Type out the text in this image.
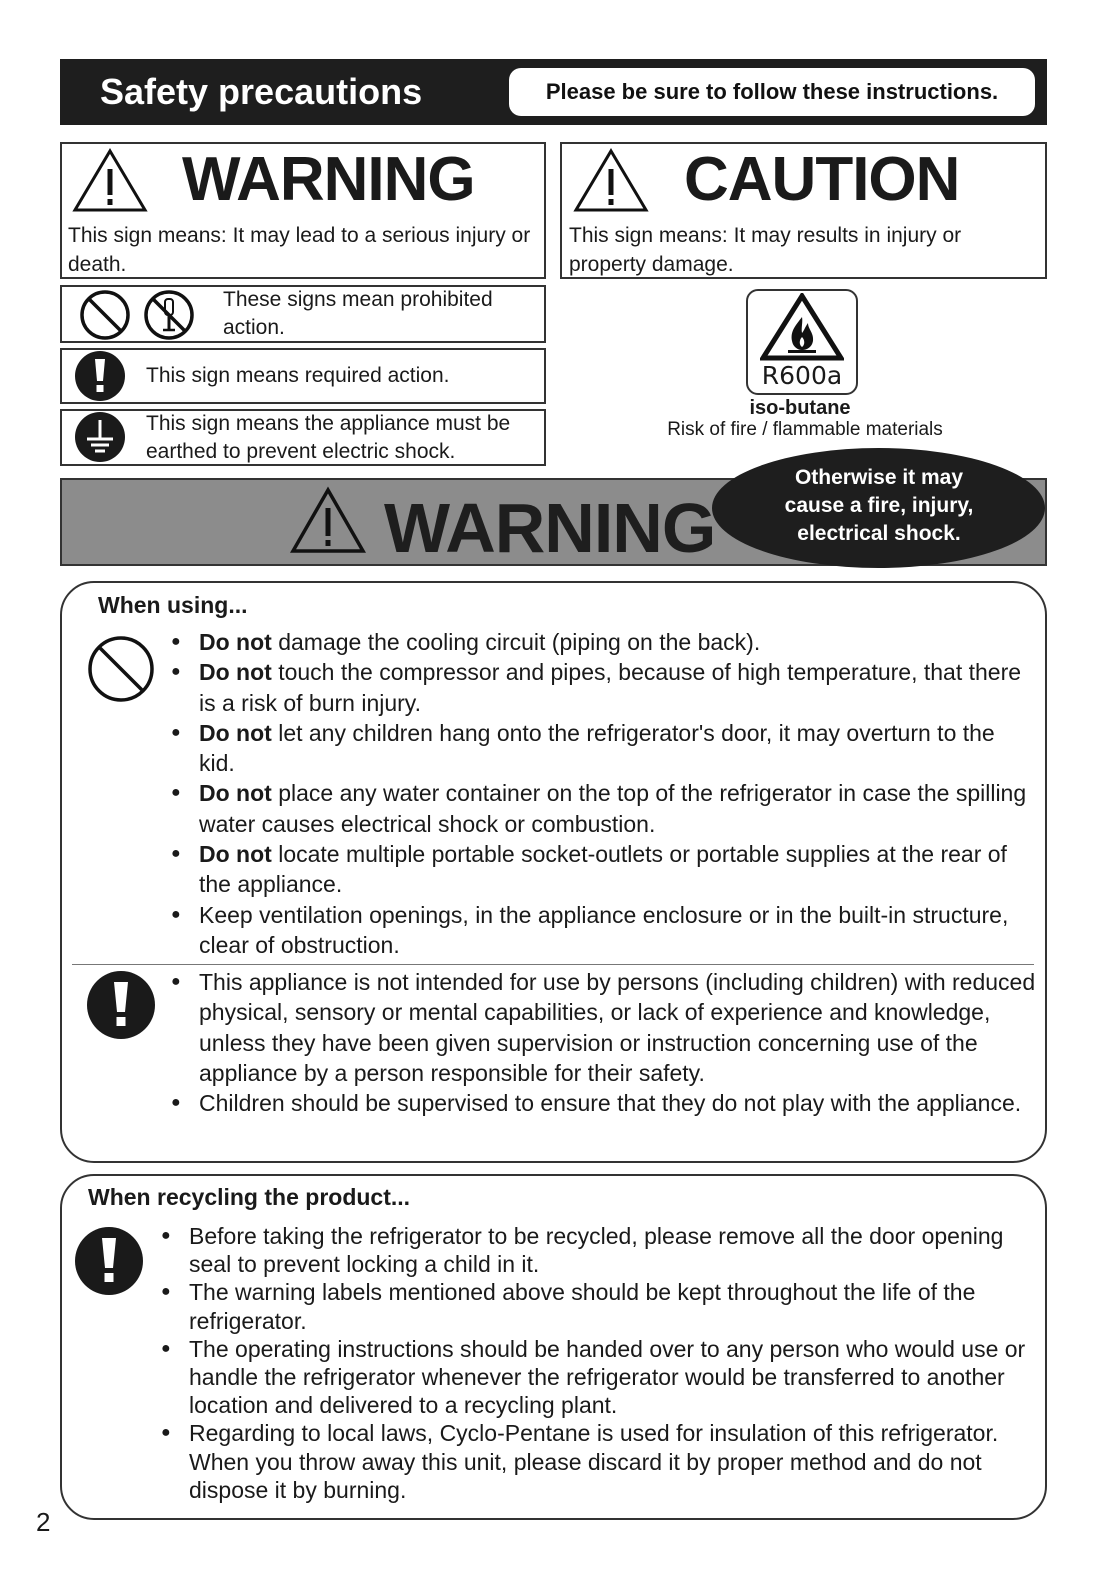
Safety precautions	Please be sure to follow these instructions.
WARNING
This sign means: It may lead to a serious injury or death.
CAUTION
This sign means: It may results in injury or property damage.
These signs mean prohibited action.
This sign means required action.
This sign means the appliance must be earthed to prevent electric shock.
R600a
iso-butane
Risk of fire / flammable materials
WARNING
Otherwise it may
cause a fire, injury,
electrical shock.
When using...
● Do not damage the cooling circuit (piping on the back).
● Do not touch the compressor and pipes, because of high temperature, that there is a risk of burn injury.
● Do not let any children hang onto the refrigerator's door, it may overturn to the kid.
● Do not place any water container on the top of the refrigerator in case the spilling water causes electrical shock or combustion.
● Do not locate multiple portable socket-outlets or portable supplies at the rear of the appliance.
● Keep ventilation openings, in the appliance enclosure or in the built-in structure, clear of obstruction.
● This appliance is not intended for use by persons (including children) with reduced physical, sensory or mental capabilities, or lack of experience and knowledge, unless they have been given supervision or instruction concerning use of the appliance by a person responsible for their safety.
● Children should be supervised to ensure that they do not play with the appliance.
When recycling the product...
● Before taking the refrigerator to be recycled, please remove all the door opening seal to prevent locking a child in it.
● The warning labels mentioned above should be kept throughout the life of the refrigerator.
● The operating instructions should be handed over to any person who would use or handle the refrigerator whenever the refrigerator would be transferred to another location and delivered to a recycling plant.
● Regarding to local laws, Cyclo-Pentane is used for insulation of this refrigerator. When you throw away this unit, please discard it by proper method and do not dispose it by burning.
2
